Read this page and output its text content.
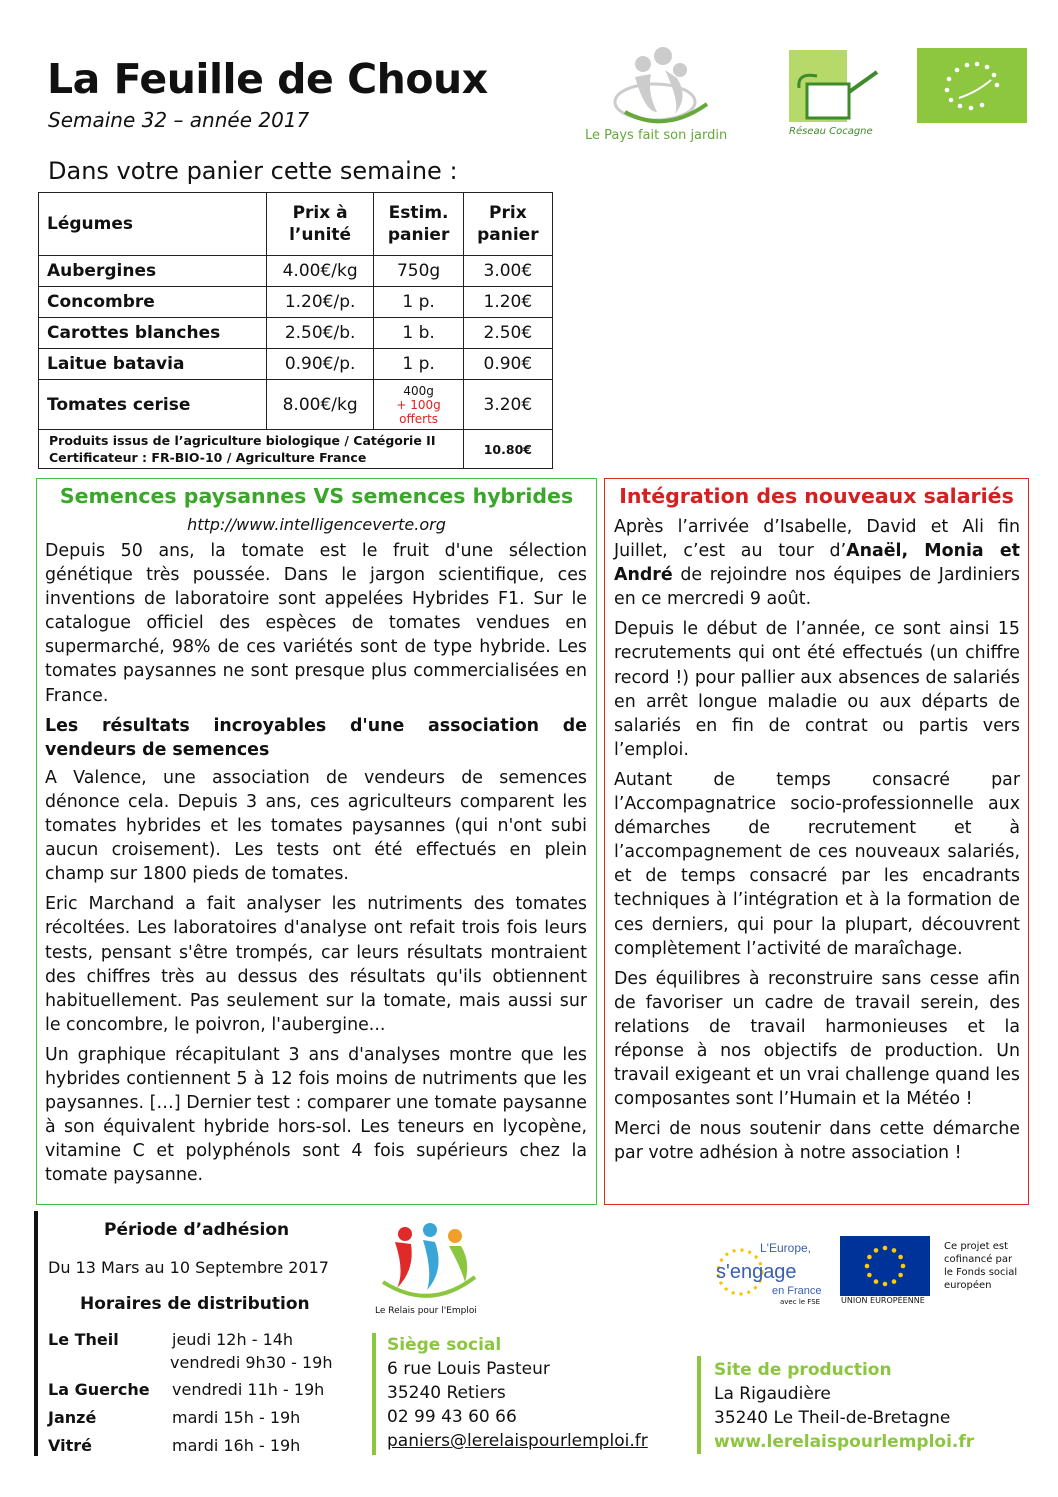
La Feuille de Choux
Semaine 32 – année 2017
Dans votre panier cette semaine :
Le Pays fait son jardin	Réseau Cocagne
Légumes	Prix à l’unité	Estim. panier	Prix panier
Aubergines	4.00€/kg	750g	3.00€
Concombre	1.20€/p.	1 p.	1.20€
Carottes blanches	2.50€/b.	1 b.	2.50€
Laitue batavia	0.90€/p.	1 p.	0.90€
Tomates cerise	8.00€/kg	400g
+ 100g
offerts	3.20€

Produits issus de l’agriculture biologique / Catégorie II
Certificateur : FR-BIO-10 / Agriculture France			10.80€
Semences paysannes VS semences hybrides
http://www.intelligenceverte.org

Depuis 50 ans, la tomate est le fruit d'une sélection génétique très poussée. Dans le jargon scientifique, ces inventions de laboratoire sont appelées Hybrides F1. Sur le catalogue officiel des espèces de tomates vendues en supermarché, 98% de ces variétés sont de type hybride. Les tomates paysannes ne sont presque plus commercialisées en France.

Les résultats incroyables d'une association de vendeurs de semences

A Valence, une association de vendeurs de semences dénonce cela. Depuis 3 ans, ces agriculteurs comparent les tomates hybrides et les tomates paysannes (qui n'ont subi aucun croisement). Les tests ont été effectués en plein champ sur 1800 pieds de tomates.

Eric Marchand a fait analyser les nutriments des tomates récoltées. Les laboratoires d'analyse ont refait trois fois leurs tests, pensant s'être trompés, car leurs résultats montraient des chiffres très au dessus des résultats qu'ils obtiennent habituellement. Pas seulement sur la tomate, mais aussi sur le concombre, le poivron, l'aubergine...

Un graphique récapitulant 3 ans d'analyses montre que les hybrides contiennent 5 à 12 fois moins de nutriments que les paysannes. […] Dernier test : comparer une tomate paysanne à son équivalent hybride hors-sol. Les teneurs en lycopène, vitamine C et polyphénols sont 4 fois supérieurs chez la tomate paysanne.

Intégration des nouveaux salariés

Après l’arrivée d’Isabelle, David et Ali fin Juillet, c’est au tour d’Anaël, Monia et André de rejoindre nos équipes de Jardiniers en ce mercredi 9 août.

Depuis le début de l’année, ce sont ainsi 15 recrutements qui ont été effectués (un chiffre record !) pour pallier aux absences de salariés en arrêt longue maladie ou aux départs de salariés en fin de contrat ou partis vers l’emploi.

Autant de temps consacré par l’Accompagnatrice socio-professionnelle aux démarches de recrutement et à l’accompagnement de ces nouveaux salariés, et de temps consacré par les encadrants techniques à l’intégration et à la formation de ces derniers, qui pour la plupart, découvrent complètement l’activité de maraîchage.

Des équilibres à reconstruire sans cesse afin de favoriser un cadre de travail serein, des relations de travail harmonieuses et la réponse à nos objectifs de production. Un travail exigeant et un vrai challenge quand les composantes sont l’Humain et la Météo !

Merci de nous soutenir dans cette démarche par votre adhésion à notre association !

Période d’adhésion
Du 13 Mars au 10 Septembre 2017
Horaires de distribution
Le Theil	jeudi 12h - 14h
vendredi 9h30 - 19h
La Guerche vendredi 11h - 19h
Janzé	mardi 15h - 19h
Vitré	mardi 16h - 19h
Le Relais pour l'Emploi
s'engage
L'Europe,
en France
avec le FSE	UNION EUROPÉENNE
Ce projet est cofinancé par le Fonds social européen
Siège social
6 rue Louis Pasteur
35240 Retiers
02 99 43 60 66
paniers@lerelaispourlemploi.fr
Site de production
La Rigaudière
35240 Le Theil-de-Bretagne
www.lerelaispourlemploi.fr
